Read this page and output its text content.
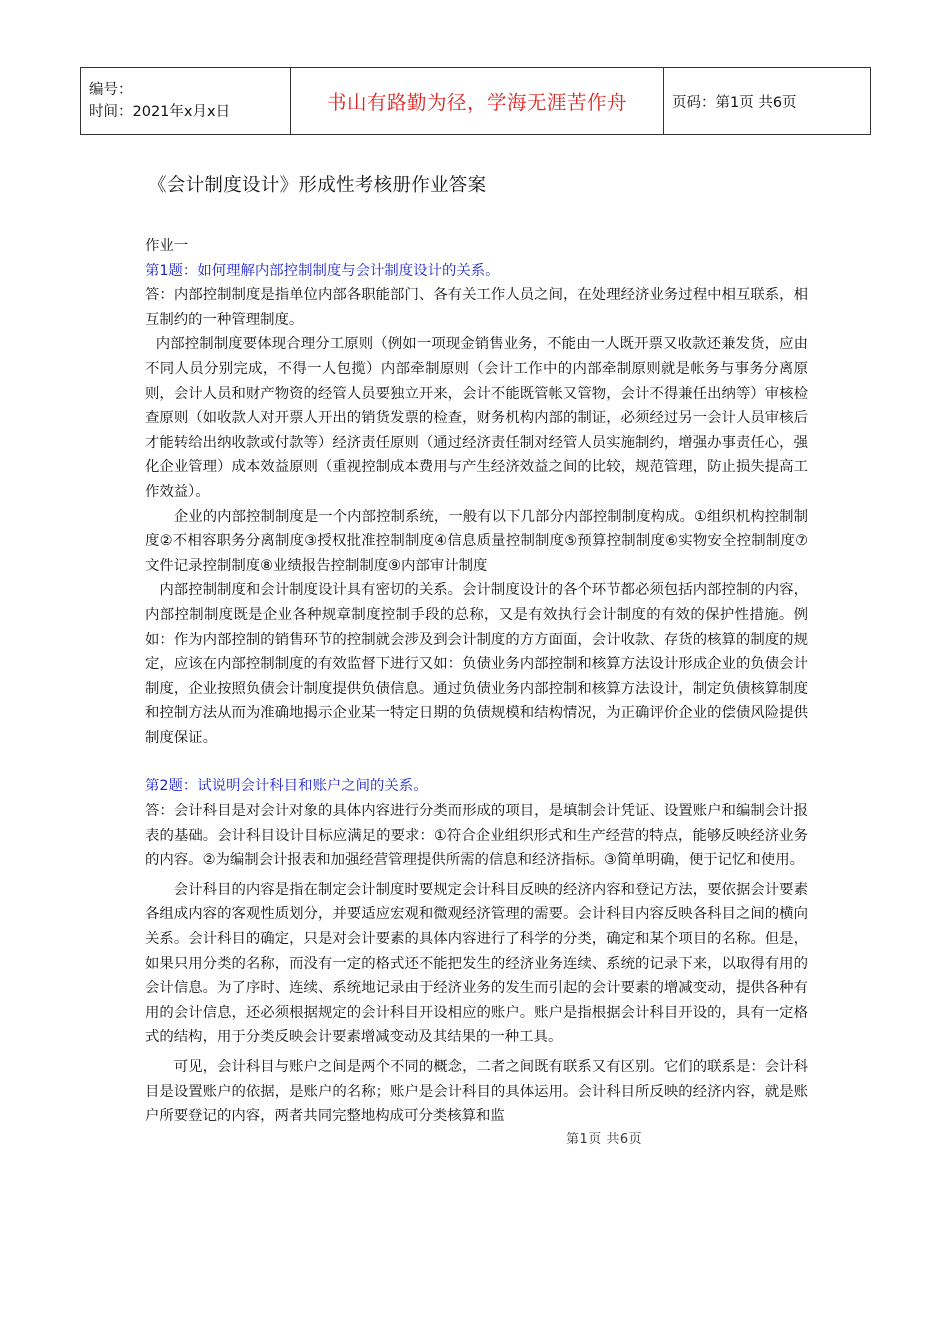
编号：
时间：2021年x月x日	书山有路勤为径，学海无涯苦作舟	页码：第1页 共6页
《会计制度设计》形成性考核册作业答案

作业一

第1题：如何理解内部控制制度与会计制度设计的关系。

答：内部控制制度是指单位内部各职能部门、各有关工作人员之间，在处理经济业务过程中相互联系，相互制约的一种管理制度。

内部控制制度要体现合理分工原则（例如一项现金销售业务，不能由一人既开票又收款还兼发货，应由不同人员分别完成，不得一人包揽）内部牵制原则（会计工作中的内部牵制原则就是帐务与事务分离原则，会计人员和财产物资的经管人员要独立开来，会计不能既管帐又管物，会计不得兼任出纳等）审核检查原则（如收款人对开票人开出的销货发票的检查，财务机构内部的制证，必须经过另一会计人员审核后才能转给出纳收款或付款等）经济责任原则（通过经济责任制对经管人员实施制约，增强办事责任心，强化企业管理）成本效益原则（重视控制成本费用与产生经济效益之间的比较，规范管理，防止损失提高工作效益）。

企业的内部控制制度是一个内部控制系统，一般有以下几部分内部控制制度构成。①组织机构控制制度②不相容职务分离制度③授权批准控制制度④信息质量控制制度⑤预算控制制度⑥实物安全控制制度⑦文件记录控制制度⑧业绩报告控制制度⑨内部审计制度

内部控制制度和会计制度设计具有密切的关系。会计制度设计的各个环节都必须包括内部控制的内容，内部控制制度既是企业各种规章制度控制手段的总称，又是有效执行会计制度的有效的保护性措施。例如：作为内部控制的销售环节的控制就会涉及到会计制度的方方面面，会计收款、存货的核算的制度的规定，应该在内部控制制度的有效监督下进行又如：负债业务内部控制和核算方法设计形成企业的负债会计制度，企业按照负债会计制度提供负债信息。通过负债业务内部控制和核算方法设计，制定负债核算制度和控制方法从而为准确地揭示企业某一特定日期的负债规模和结构情况，为正确评价企业的偿债风险提供制度保证。

第2题：试说明会计科目和账户之间的关系。

答：会计科目是对会计对象的具体内容进行分类而形成的项目，是填制会计凭证、设置账户和编制会计报表的基础。会计科目设计目标应满足的要求：①符合企业组织形式和生产经营的特点，能够反映经济业务的内容。②为编制会计报表和加强经营管理提供所需的信息和经济指标。③简单明确，便于记忆和使用。

会计科目的内容是指在制定会计制度时要规定会计科目反映的经济内容和登记方法，要依据会计要素各组成内容的客观性质划分，并要适应宏观和微观经济管理的需要。会计科目内容反映各科目之间的横向关系。会计科目的确定，只是对会计要素的具体内容进行了科学的分类，确定和某个项目的名称。但是，如果只用分类的名称，而没有一定的格式还不能把发生的经济业务连续、系统的记录下来，以取得有用的会计信息。为了序时、连续、系统地记录由于经济业务的发生而引起的会计要素的增减变动，提供各种有用的会计信息，还必须根据规定的会计科目开设相应的账户。账户是指根据会计科目开设的，具有一定格式的结构，用于分类反映会计要素增减变动及其结果的一种工具。

可见，会计科目与账户之间是两个不同的概念，二者之间既有联系又有区别。它们的联系是：会计科目是设置账户的依据，是账户的名称；账户是会计科目的具体运用。会计科目所反映的经济内容，就是账户所要登记的内容，两者共同完整地构成可分类核算和监

第1页 共6页
